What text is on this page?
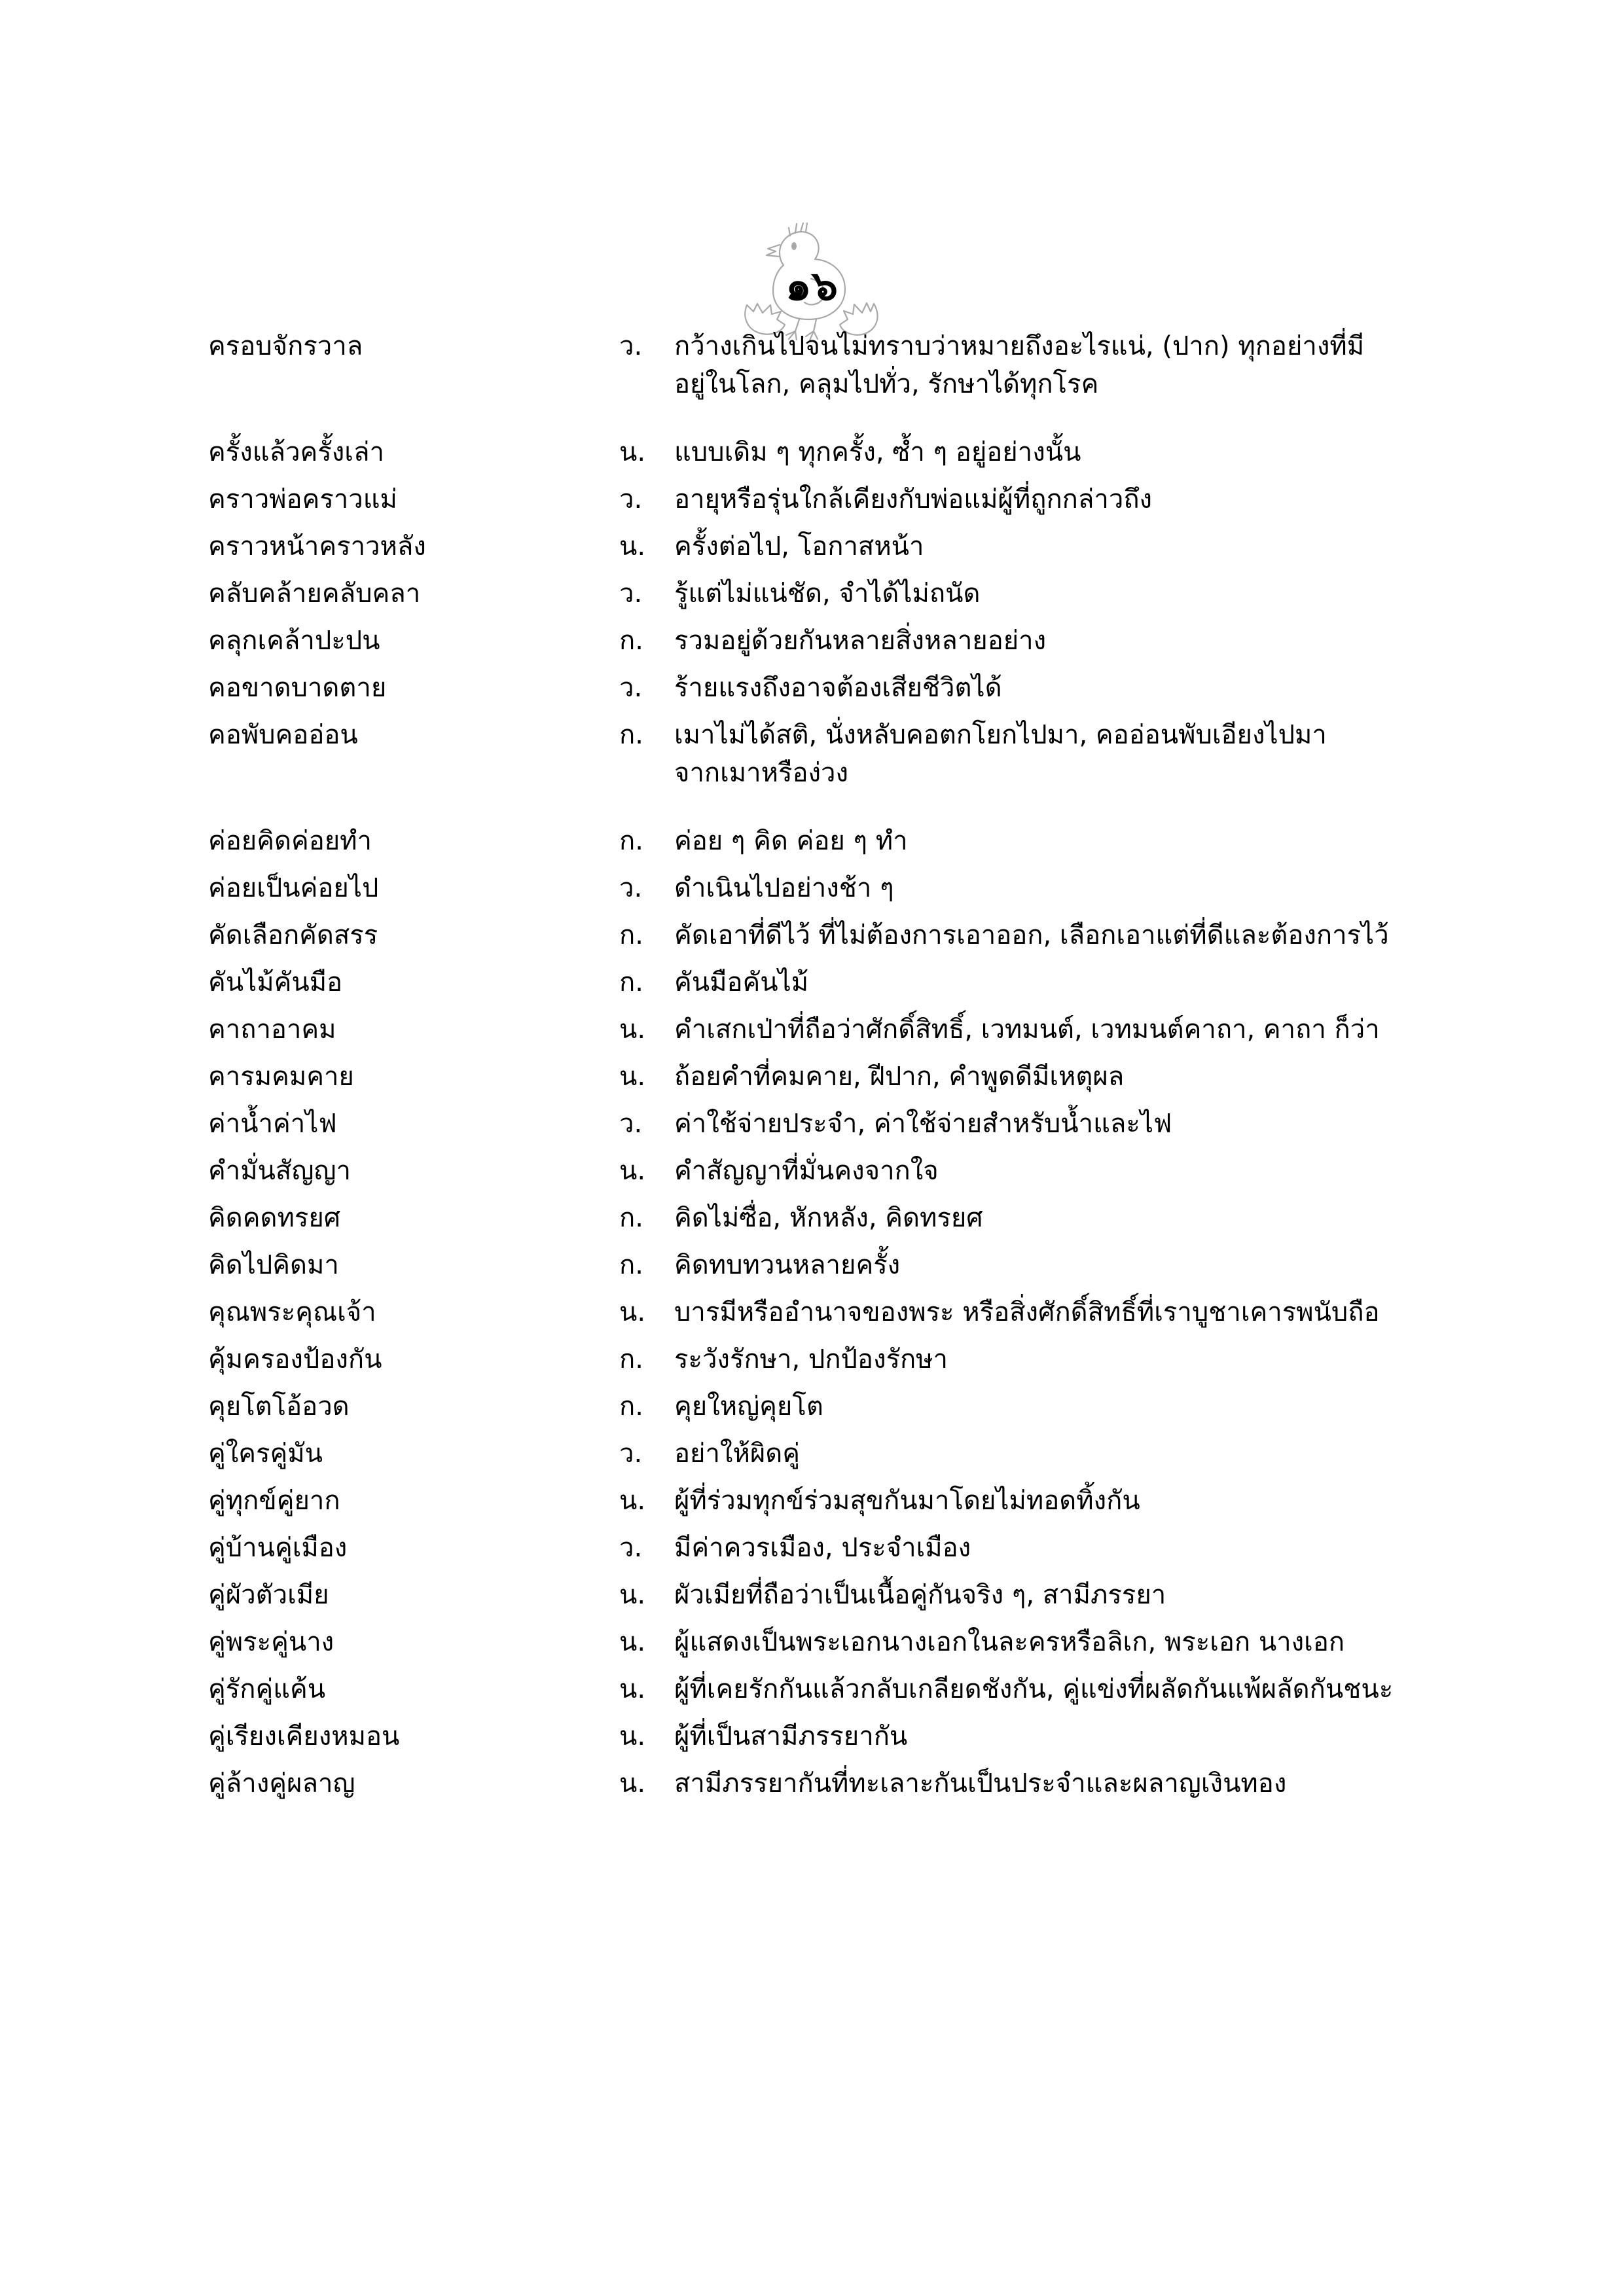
๑๖
ครอบจักรวาล	ว.	กว้างเกินไปจนไม่ทราบว่าหมายถึงอะไรแน่, (ปาก) ทุกอย่างที่มี
อยู่ในโลก, คลุมไปทั่ว, รักษาได้ทุกโรค
ครั้งแล้วครั้งเล่า	น.	แบบเดิม ๆ ทุกครั้ง, ซ้ำ ๆ อยู่อย่างนั้น
คราวพ่อคราวแม่	ว.	อายุหรือรุ่นใกล้เคียงกับพ่อแม่ผู้ที่ถูกกล่าวถึง
คราวหน้าคราวหลัง	น.	ครั้งต่อไป, โอกาสหน้า
คลับคล้ายคลับคลา	ว.	รู้แต่ไม่แน่ชัด, จำได้ไม่ถนัด
คลุกเคล้าปะปน	ก.	รวมอยู่ด้วยกันหลายสิ่งหลายอย่าง
คอขาดบาดตาย	ว.	ร้ายแรงถึงอาจต้องเสียชีวิตได้
คอพับคออ่อน	ก.	เมาไม่ได้สติ, นั่งหลับคอตกโยกไปมา, คออ่อนพับเอียงไปมา
จากเมาหรือง่วง
ค่อยคิดค่อยทำ	ก.	ค่อย ๆ คิด ค่อย ๆ ทำ
ค่อยเป็นค่อยไป	ว.	ดำเนินไปอย่างช้า ๆ
คัดเลือกคัดสรร	ก.	คัดเอาที่ดีไว้ ที่ไม่ต้องการเอาออก, เลือกเอาแต่ที่ดีและต้องการไว้
คันไม้คันมือ	ก.	คันมือคันไม้
คาถาอาคม	น.	คำเสกเป่าที่ถือว่าศักดิ์สิทธิ์, เวทมนต์, เวทมนต์คาถา, คาถา ก็ว่า
คารมคมคาย	น.	ถ้อยคำที่คมคาย, ฝีปาก, คำพูดดีมีเหตุผล
ค่าน้ำค่าไฟ	ว.	ค่าใช้จ่ายประจำ, ค่าใช้จ่ายสำหรับน้ำและไฟ
คำมั่นสัญญา	น.	คำสัญญาที่มั่นคงจากใจ
คิดคดทรยศ	ก.	คิดไม่ซื่อ, หักหลัง, คิดทรยศ
คิดไปคิดมา	ก.	คิดทบทวนหลายครั้ง
คุณพระคุณเจ้า	น.	บารมีหรืออำนาจของพระ หรือสิ่งศักดิ์สิทธิ์ที่เราบูชาเคารพนับถือ
คุ้มครองป้องกัน	ก.	ระวังรักษา, ปกป้องรักษา
คุยโตโอ้อวด	ก.	คุยใหญ่คุยโต
คู่ใครคู่มัน	ว.	อย่าให้ผิดคู่
คู่ทุกข์คู่ยาก	น.	ผู้ที่ร่วมทุกข์ร่วมสุขกันมาโดยไม่ทอดทิ้งกัน
คู่บ้านคู่เมือง	ว.	มีค่าควรเมือง, ประจำเมือง
คู่ผัวตัวเมีย	น.	ผัวเมียที่ถือว่าเป็นเนื้อคู่กันจริง ๆ, สามีภรรยา
คู่พระคู่นาง	น.	ผู้แสดงเป็นพระเอกนางเอกในละครหรือลิเก, พระเอก นางเอก
คู่รักคู่แค้น	น.	ผู้ที่เคยรักกันแล้วกลับเกลียดชังกัน, คู่แข่งที่ผลัดกันแพ้ผลัดกันชนะ
คู่เรียงเคียงหมอน	น.	ผู้ที่เป็นสามีภรรยากัน
คู่ล้างคู่ผลาญ	น.	สามีภรรยากันที่ทะเลาะกันเป็นประจำและผลาญเงินทอง
